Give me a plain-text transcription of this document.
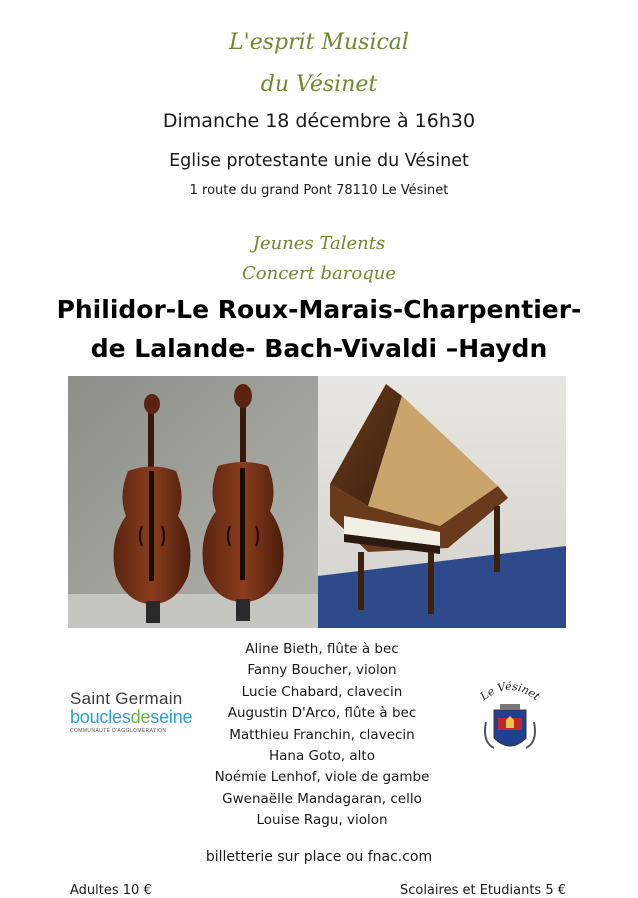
L'esprit Musical
du Vésinet
Dimanche 18 décembre à 16h30
Eglise protestante unie du Vésinet
1 route du grand Pont 78110 Le Vésinet
Jeunes Talents
Concert baroque
Philidor-Le Roux-Marais-Charpentier-
de Lalande- Bach-Vivaldi –Haydn
Saint Germain
bouclesdeseine
COMMUNAUTÉ D'AGGLOMÉRATION
Aline Bieth, flûte à bec
Fanny Boucher, violon
Lucie Chabard, clavecin
Augustin D'Arco, flûte à bec
Matthieu Franchin, clavecin
Hana Goto, alto
Noémie Lenhof, viole de gambe
Gwenaëlle Mandagaran, cello
Louise Ragu, violon
Le Vésinet
billetterie sur place ou fnac.com
Adultes 10 €	Scolaires et Etudiants 5 €
